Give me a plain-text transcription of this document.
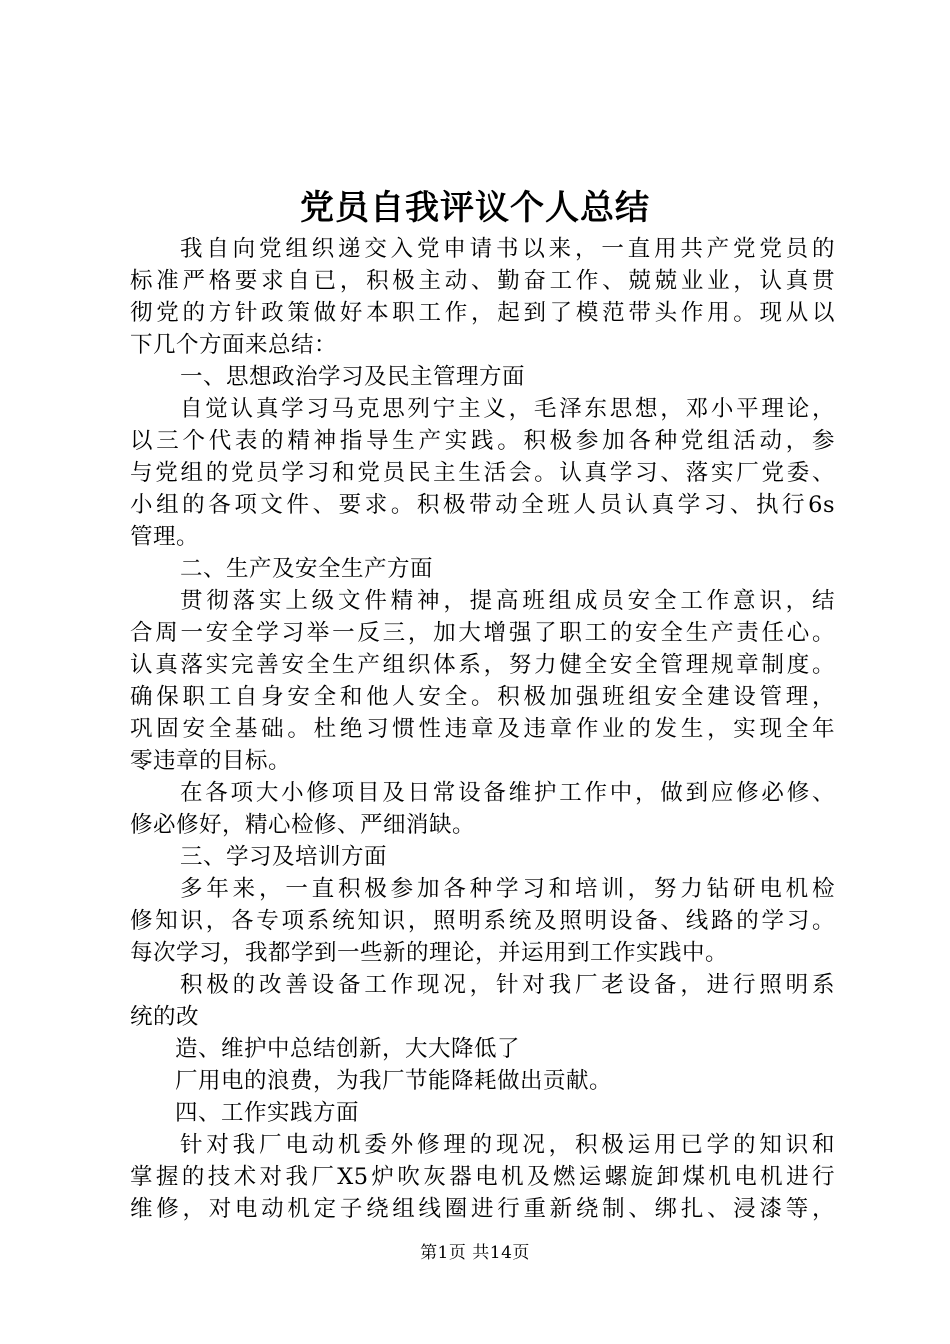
党员自我评议个人总结
我自向党组织递交入党申请书以来，一直用共产党党员的
标准严格要求自已，积极主动、勤奋工作、兢兢业业，认真贯
彻党的方针政策做好本职工作，起到了模范带头作用。现从以
下几个方面来总结：
一、思想政治学习及民主管理方面
自觉认真学习马克思列宁主义，毛泽东思想，邓小平理论，
以三个代表的精神指导生产实践。积极参加各种党组活动，参
与党组的党员学习和党员民主生活会。认真学习、落实厂党委、
小组的各项文件、要求。积极带动全班人员认真学习、执行6s
管理。
二、生产及安全生产方面
贯彻落实上级文件精神，提高班组成员安全工作意识，结
合周一安全学习举一反三，加大增强了职工的安全生产责任心。
认真落实完善安全生产组织体系，努力健全安全管理规章制度。
确保职工自身安全和他人安全。积极加强班组安全建设管理，
巩固安全基础。杜绝习惯性违章及违章作业的发生，实现全年
零违章的目标。
在各项大小修项目及日常设备维护工作中，做到应修必修、
修必修好，精心检修、严细消缺。
三、学习及培训方面
多年来，一直积极参加各种学习和培训，努力钻研电机检
修知识，各专项系统知识，照明系统及照明设备、线路的学习。
每次学习，我都学到一些新的理论，并运用到工作实践中。
积极的改善设备工作现况，针对我厂老设备，进行照明系
统的改
造、维护中总结创新，大大降低了
厂用电的浪费，为我厂节能降耗做出贡献。
四、工作实践方面
针对我厂电动机委外修理的现况，积极运用已学的知识和
掌握的技术对我厂X5炉吹灰器电机及燃运螺旋卸煤机电机进行
维修，对电动机定子绕组线圈进行重新绕制、绑扎、浸漆等，
第1页 共14页
